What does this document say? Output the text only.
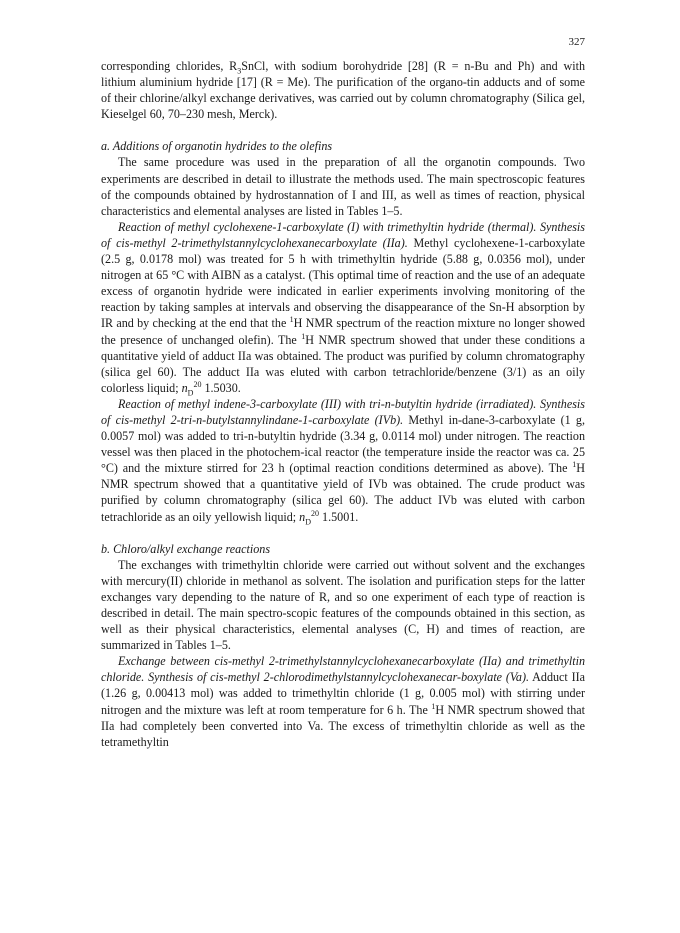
327

corresponding chlorides, $R_3SnCl$, with sodium borohydride [28] (R = n-Bu and Ph) and with lithium aluminium hydride [17] (R = Me). The purification of the organo-tin adducts and of some of their chlorine/alkyl exchange derivatives, was carried out by column chromatography (Silica gel, Kieselgel 60, 70–230 mesh, Merck).

a. Additions of organotin hydrides to the olefins

The same procedure was used in the preparation of all the organotin compounds. Two experiments are described in detail to illustrate the methods used. The main spectroscopic features of the compounds obtained by hydrostannation of I and III, as well as times of reaction, physical characteristics and elemental analyses are listed in Tables 1–5.

Reaction of methyl cyclohexene-1-carboxylate (I) with trimethyltin hydride (thermal). Synthesis of cis-methyl 2-trimethylstannylcyclohexanecarboxylate (IIa). Methyl cyclohexene-1-carboxylate (2.5 g, 0.0178 mol) was treated for 5 h with trimethyltin hydride (5.88 g, 0.0356 mol), under nitrogen at 65 °C with AIBN as a catalyst. (This optimal time of reaction and the use of an adequate excess of organotin hydride were indicated in earlier experiments involving monitoring of the reaction by taking samples at intervals and observing the disappearance of the Sn-H absorption by IR and by checking at the end that the $^1$H NMR spectrum of the reaction mixture no longer showed the presence of unchanged olefin). The $^1$H NMR spectrum showed that under these conditions a quantitative yield of adduct IIa was obtained. The product was purified by column chromatography (silica gel 60). The adduct IIa was eluted with carbon tetrachloride/benzene (3/1) as an oily colorless liquid; $n_D^{20}$ 1.5030.

Reaction of methyl indene-3-carboxylate (III) with tri-n-butyltin hydride (irradiated). Synthesis of cis-methyl 2-tri-n-butylstannylindane-1-carboxylate (IVb). Methyl in-dane-3-carboxylate (1 g, 0.0057 mol) was added to tri-n-butyltin hydride (3.34 g, 0.0114 mol) under nitrogen. The reaction vessel was then placed in the photochem-ical reactor (the temperature inside the reactor was ca. 25 °C) and the mixture stirred for 23 h (optimal reaction conditions determined as above). The $^1$H NMR spectrum showed that a quantitative yield of IVb was obtained. The crude product was purified by column chromatography (silica gel 60). The adduct IVb was eluted with carbon tetrachloride as an oily yellowish liquid; $n_D^{20}$ 1.5001.

b. Chloro/alkyl exchange reactions

The exchanges with trimethyltin chloride were carried out without solvent and the exchanges with mercury(II) chloride in methanol as solvent. The isolation and purification steps for the latter exchanges vary depending to the nature of R, and so one experiment of each type of reaction is described in detail. The main spectro-scopic features of the compounds obtained in this section, as well as their physical characteristics, elemental analyses (C, H) and times of reaction, are summarized in Tables 1–5.

Exchange between cis-methyl 2-trimethylstannylcyclohexanecarboxylate (IIa) and trimethyltin chloride. Synthesis of cis-methyl 2-chlorodimethylstannylcyclohexanecar-boxylate (Va). Adduct IIa (1.26 g, 0.00413 mol) was added to trimethyltin chloride (1 g, 0.005 mol) with stirring under nitrogen and the mixture was left at room temperature for 6 h. The $^1$H NMR spectrum showed that IIa had completely been converted into Va. The excess of trimethyltin chloride as well as the tetramethyltin
